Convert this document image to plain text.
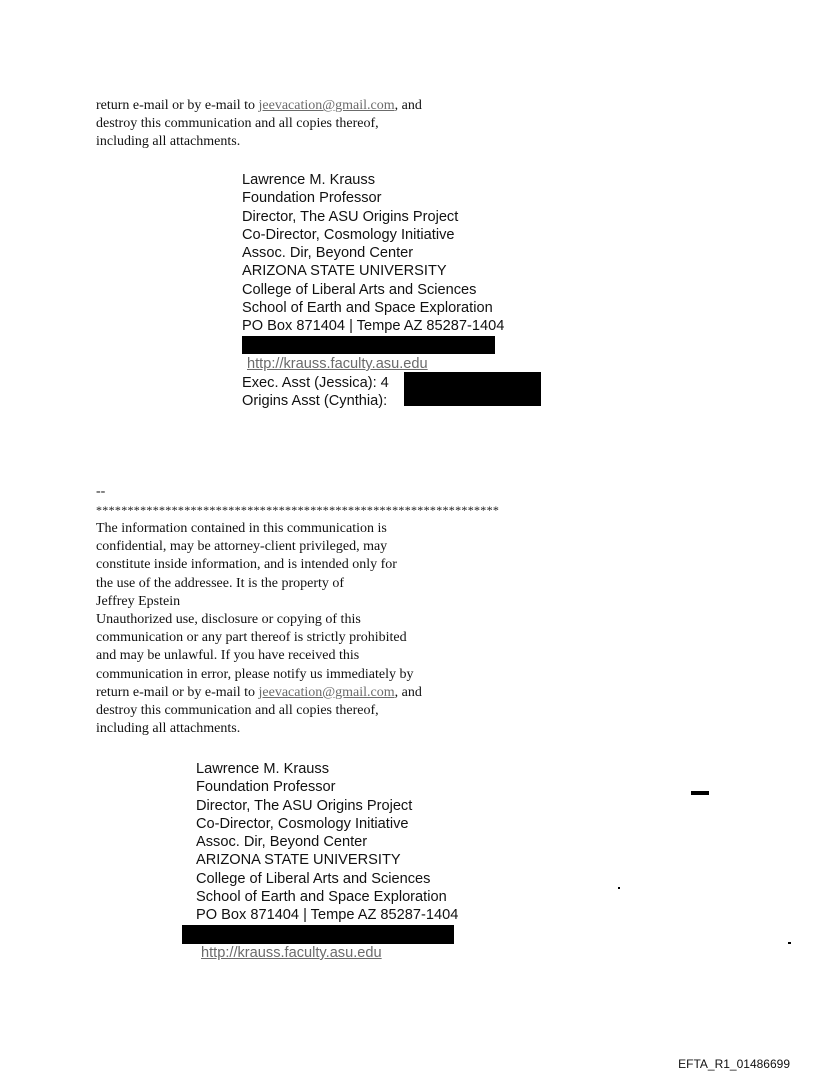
return e-mail or by e-mail to jeevacation@gmail.com, and
destroy this communication and all copies thereof,
including all attachments.
Lawrence M. Krauss
Foundation Professor
Director, The ASU Origins Project
Co-Director, Cosmology Initiative
Assoc. Dir, Beyond Center
ARIZONA STATE UNIVERSITY
College of Liberal Arts and Sciences
School of Earth and Space Exploration
PO Box 871404 | Tempe AZ 85287-1404
http://krauss.faculty.asu.edu
Exec. Asst (Jessica): 4
Origins Asst (Cynthia):
--
****************************************************************
The information contained in this communication is
confidential, may be attorney-client privileged, may
constitute inside information, and is intended only for
the use of the addressee. It is the property of
Jeffrey Epstein
Unauthorized use, disclosure or copying of this
communication or any part thereof is strictly prohibited
and may be unlawful. If you have received this
communication in error, please notify us immediately by
return e-mail or by e-mail to jeevacation@gmail.com, and
destroy this communication and all copies thereof,
including all attachments.
Lawrence M. Krauss
Foundation Professor
Director, The ASU Origins Project
Co-Director, Cosmology Initiative
Assoc. Dir, Beyond Center
ARIZONA STATE UNIVERSITY
College of Liberal Arts and Sciences
School of Earth and Space Exploration
PO Box 871404 | Tempe AZ 85287-1404
http://krauss.faculty.asu.edu
EFTA_R1_01486699
